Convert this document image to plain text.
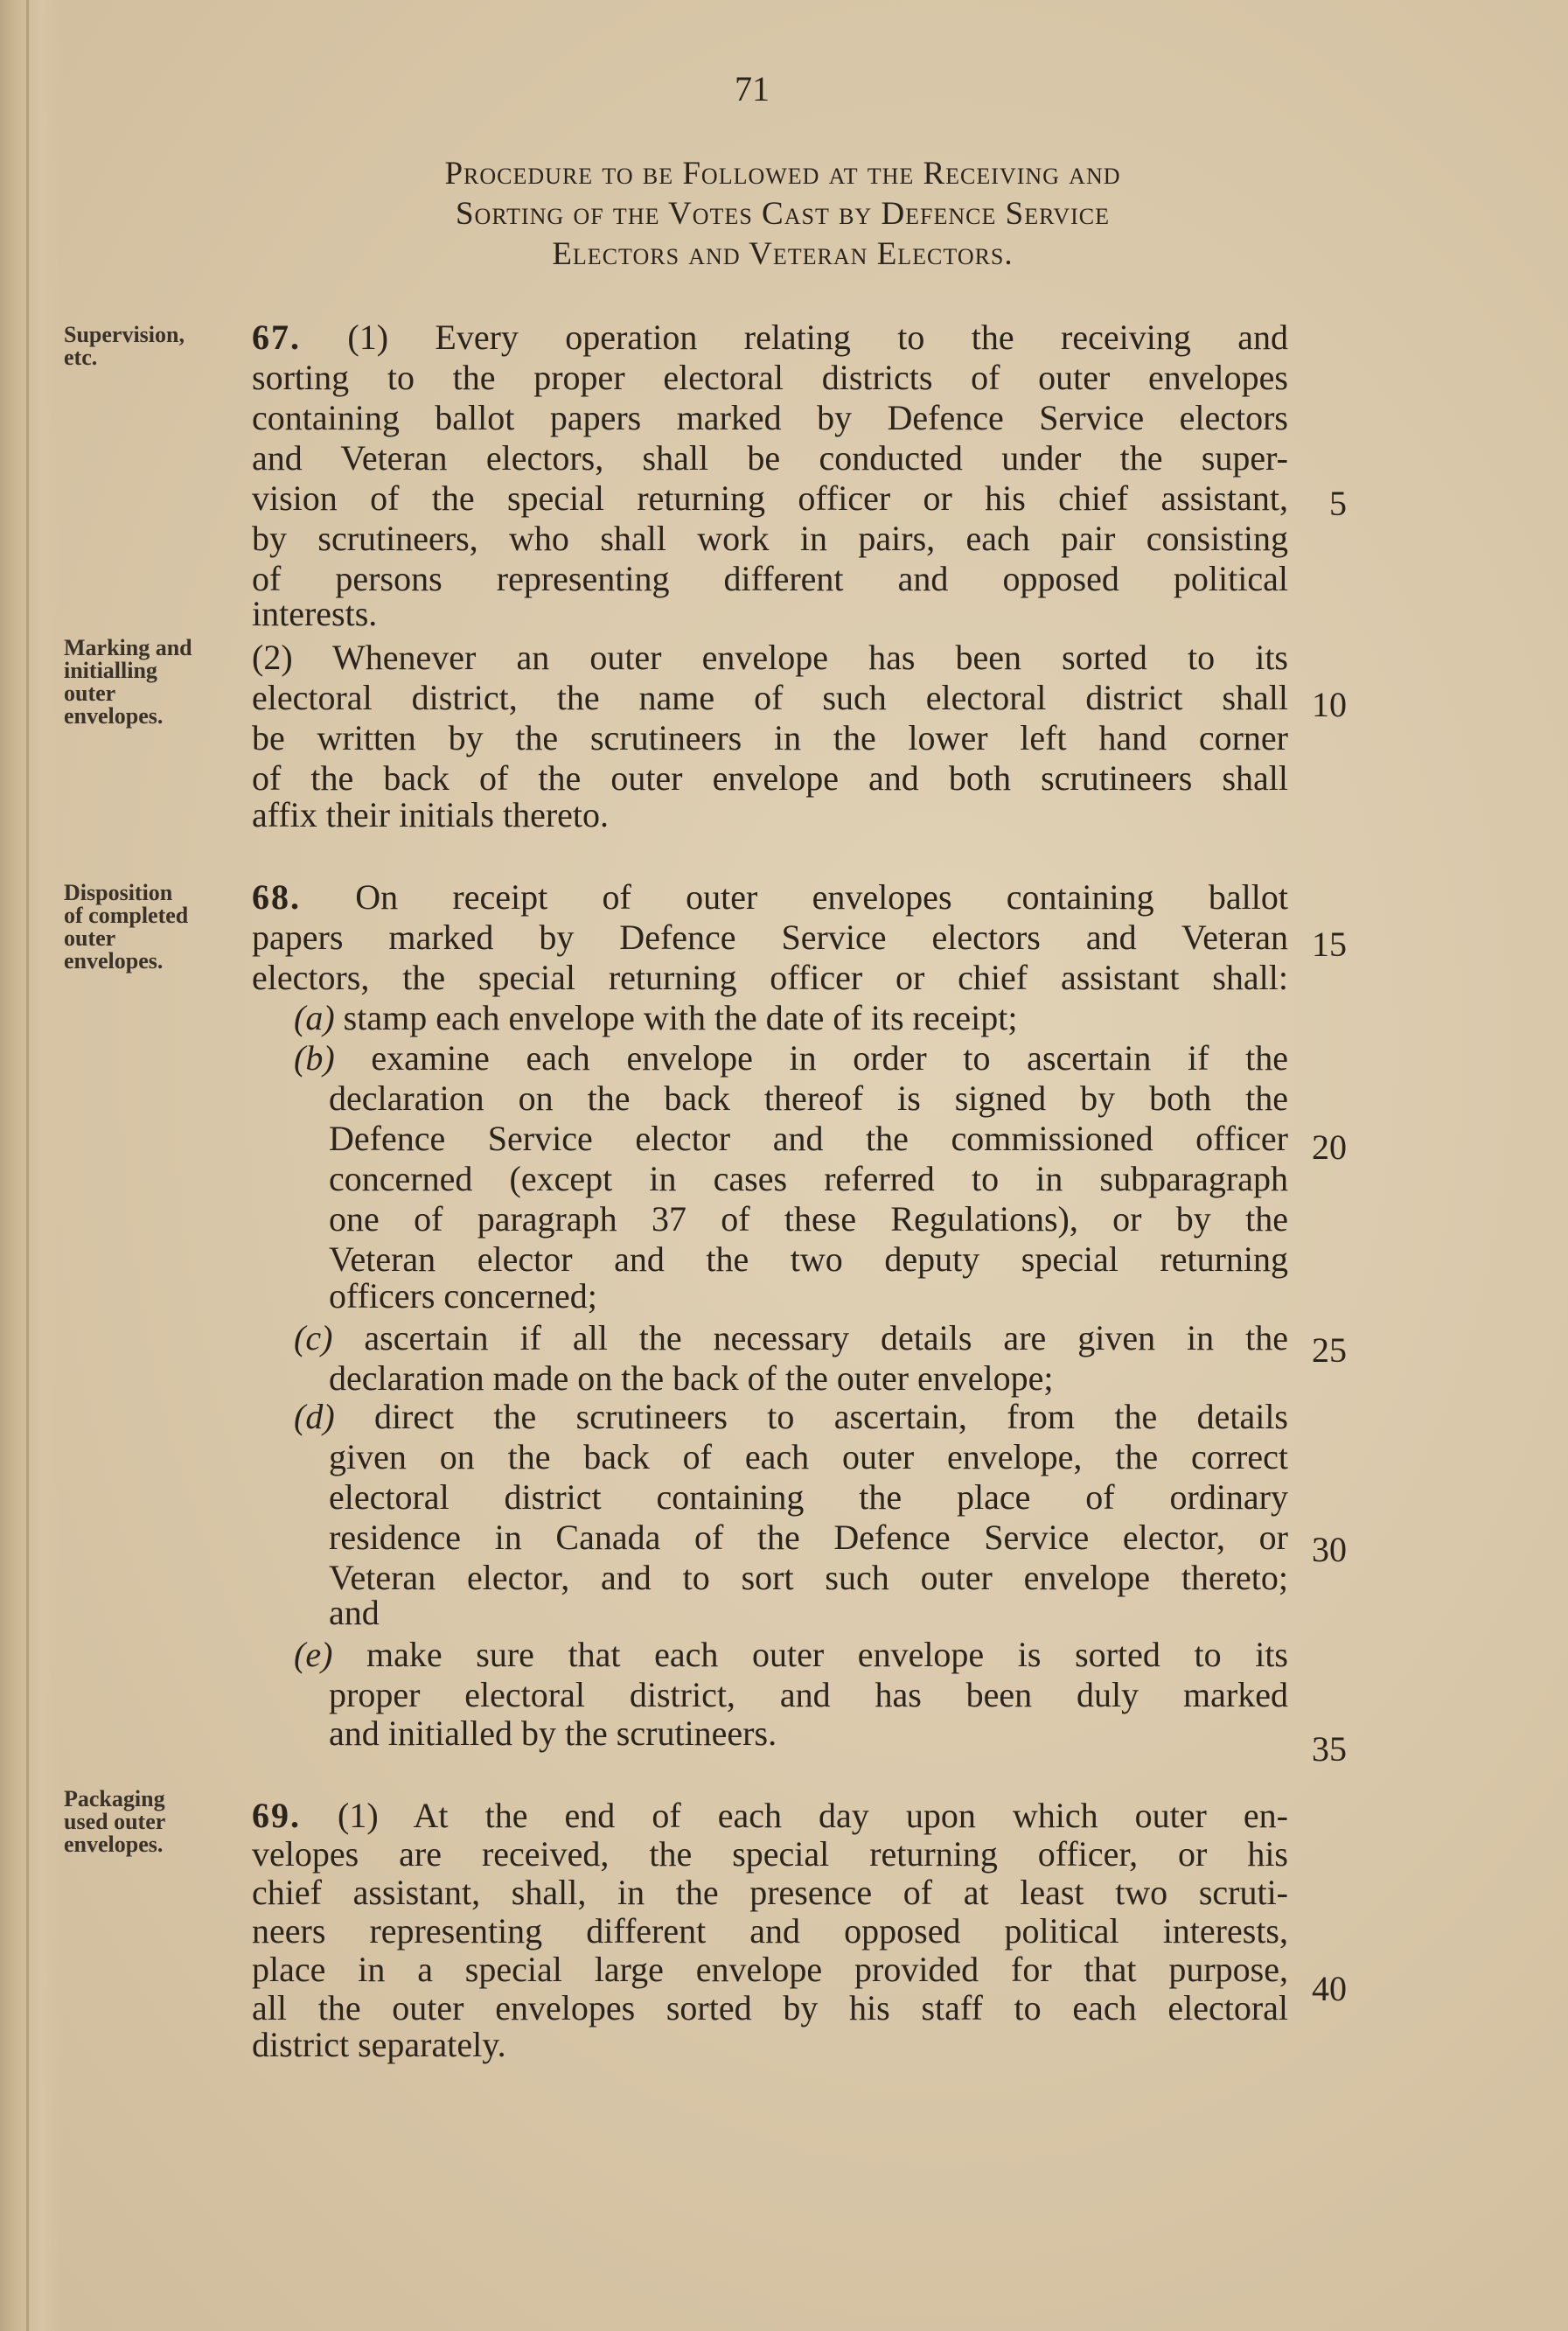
71
Procedure to be Followed at the Receiving and
Sorting of the Votes Cast by Defence Service
Electors and Veteran Electors.
Supervision,
etc.
Marking and
initialling
outer
envelopes.
Disposition
of completed
outer
envelopes.
Packaging
used outer
envelopes.
67. (1) Every operation relating to the receiving and
sorting to the proper electoral districts of outer envelopes
containing ballot papers marked by Defence Service electors
and Veteran electors, shall be conducted under the super-
vision of the special returning officer or his chief assistant,
by scrutineers, who shall work in pairs, each pair consisting
of persons representing different and opposed political
interests.
(2) Whenever an outer envelope has been sorted to its
electoral district, the name of such electoral district shall
be written by the scrutineers in the lower left hand corner
of the back of the outer envelope and both scrutineers shall
affix their initials thereto.
68. On receipt of outer envelopes containing ballot
papers marked by Defence Service electors and Veteran
electors, the special returning officer or chief assistant shall:
(a) stamp each envelope with the date of its receipt;
(b) examine each envelope in order to ascertain if the
declaration on the back thereof is signed by both the
Defence Service elector and the commissioned officer
concerned (except in cases referred to in subparagraph
one of paragraph 37 of these Regulations), or by the
Veteran elector and the two deputy special returning
officers concerned;
(c) ascertain if all the necessary details are given in the
declaration made on the back of the outer envelope;
(d) direct the scrutineers to ascertain, from the details
given on the back of each outer envelope, the correct
electoral district containing the place of ordinary
residence in Canada of the Defence Service elector, or
Veteran elector, and to sort such outer envelope thereto;
and
(e) make sure that each outer envelope is sorted to its
proper electoral district, and has been duly marked
and initialled by the scrutineers.
69. (1) At the end of each day upon which outer en-
velopes are received, the special returning officer, or his
chief assistant, shall, in the presence of at least two scruti-
neers representing different and opposed political interests,
place in a special large envelope provided for that purpose,
all the outer envelopes sorted by his staff to each electoral
district separately.
5
10
15
20
25
30
35
40
